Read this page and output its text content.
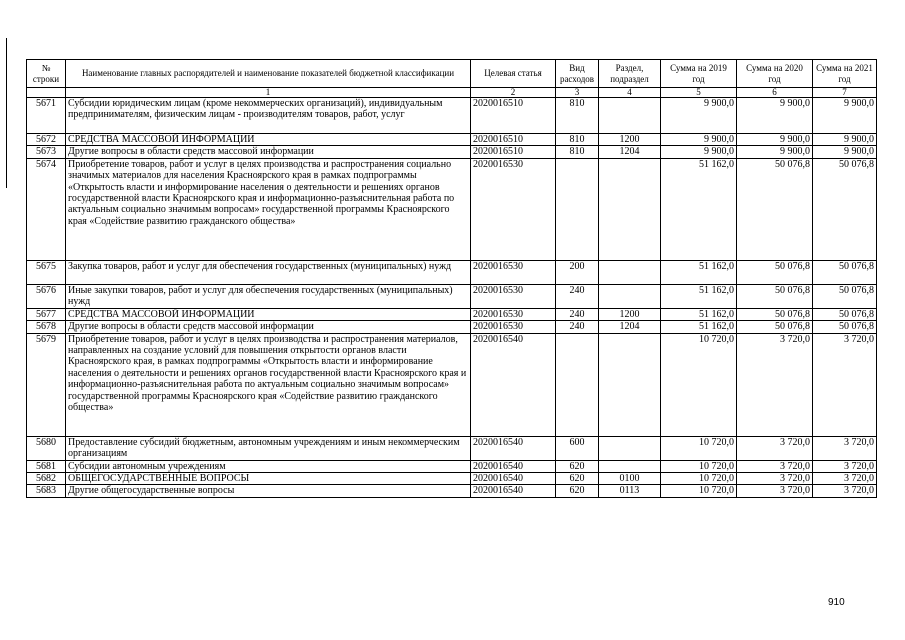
№ строки	Наименование главных распорядителей и наименование показателей бюджетной классификации	Целевая статья	Вид расходов	Раздел, подраздел	Сумма на 2019 год	Сумма на 2020 год	Сумма на 2021 год
	1	2	3	4	5	6	7
5671	Субсидии юридическим лицам (кроме некоммерческих организаций), индивидуальным предпринимателям, физическим лицам - производителям товаров, работ, услуг	2020016510	810		9 900,0	9 900,0	9 900,0
5672	СРЕДСТВА МАССОВОЙ ИНФОРМАЦИИ	2020016510	810	1200	9 900,0	9 900,0	9 900,0
5673	Другие вопросы в области средств массовой информации	2020016510	810	1204	9 900,0	9 900,0	9 900,0
5674	Приобретение товаров, работ и услуг в целях производства и распространения социально значимых материалов для населения Красноярского края в рамках подпрограммы «Открытость власти и информирование населения о деятельности и решениях органов государственной власти Красноярского края и информационно-разъяснительная работа по актуальным социально значимым вопросам» государственной программы Красноярского края «Содействие развитию гражданского общества»	2020016530			51 162,0	50 076,8	50 076,8
5675	Закупка товаров, работ и услуг для обеспечения государственных (муниципальных) нужд	2020016530	200		51 162,0	50 076,8	50 076,8
5676	Иные закупки товаров, работ и услуг для обеспечения государственных (муниципальных) нужд	2020016530	240		51 162,0	50 076,8	50 076,8
5677	СРЕДСТВА МАССОВОЙ ИНФОРМАЦИИ	2020016530	240	1200	51 162,0	50 076,8	50 076,8
5678	Другие вопросы в области средств массовой информации	2020016530	240	1204	51 162,0	50 076,8	50 076,8
5679	Приобретение товаров, работ и услуг в целях производства и распространения материалов, направленных на создание условий для повышения открытости органов власти Красноярского края, в рамках подпрограммы «Открытость власти и информирование населения о деятельности и решениях органов государственной власти Красноярского края и информационно-разъяснительная работа по актуальным социально значимым вопросам» государственной программы Красноярского края «Содействие развитию гражданского общества»	2020016540			10 720,0	3 720,0	3 720,0
5680	Предоставление субсидий бюджетным, автономным учреждениям и иным некоммерческим организациям	2020016540	600		10 720,0	3 720,0	3 720,0
5681	Субсидии автономным учреждениям	2020016540	620		10 720,0	3 720,0	3 720,0
5682	ОБЩЕГОСУДАРСТВЕННЫЕ ВОПРОСЫ	2020016540	620	0100	10 720,0	3 720,0	3 720,0
5683	Другие общегосударственные вопросы	2020016540	620	0113	10 720,0	3 720,0	3 720,0
910
